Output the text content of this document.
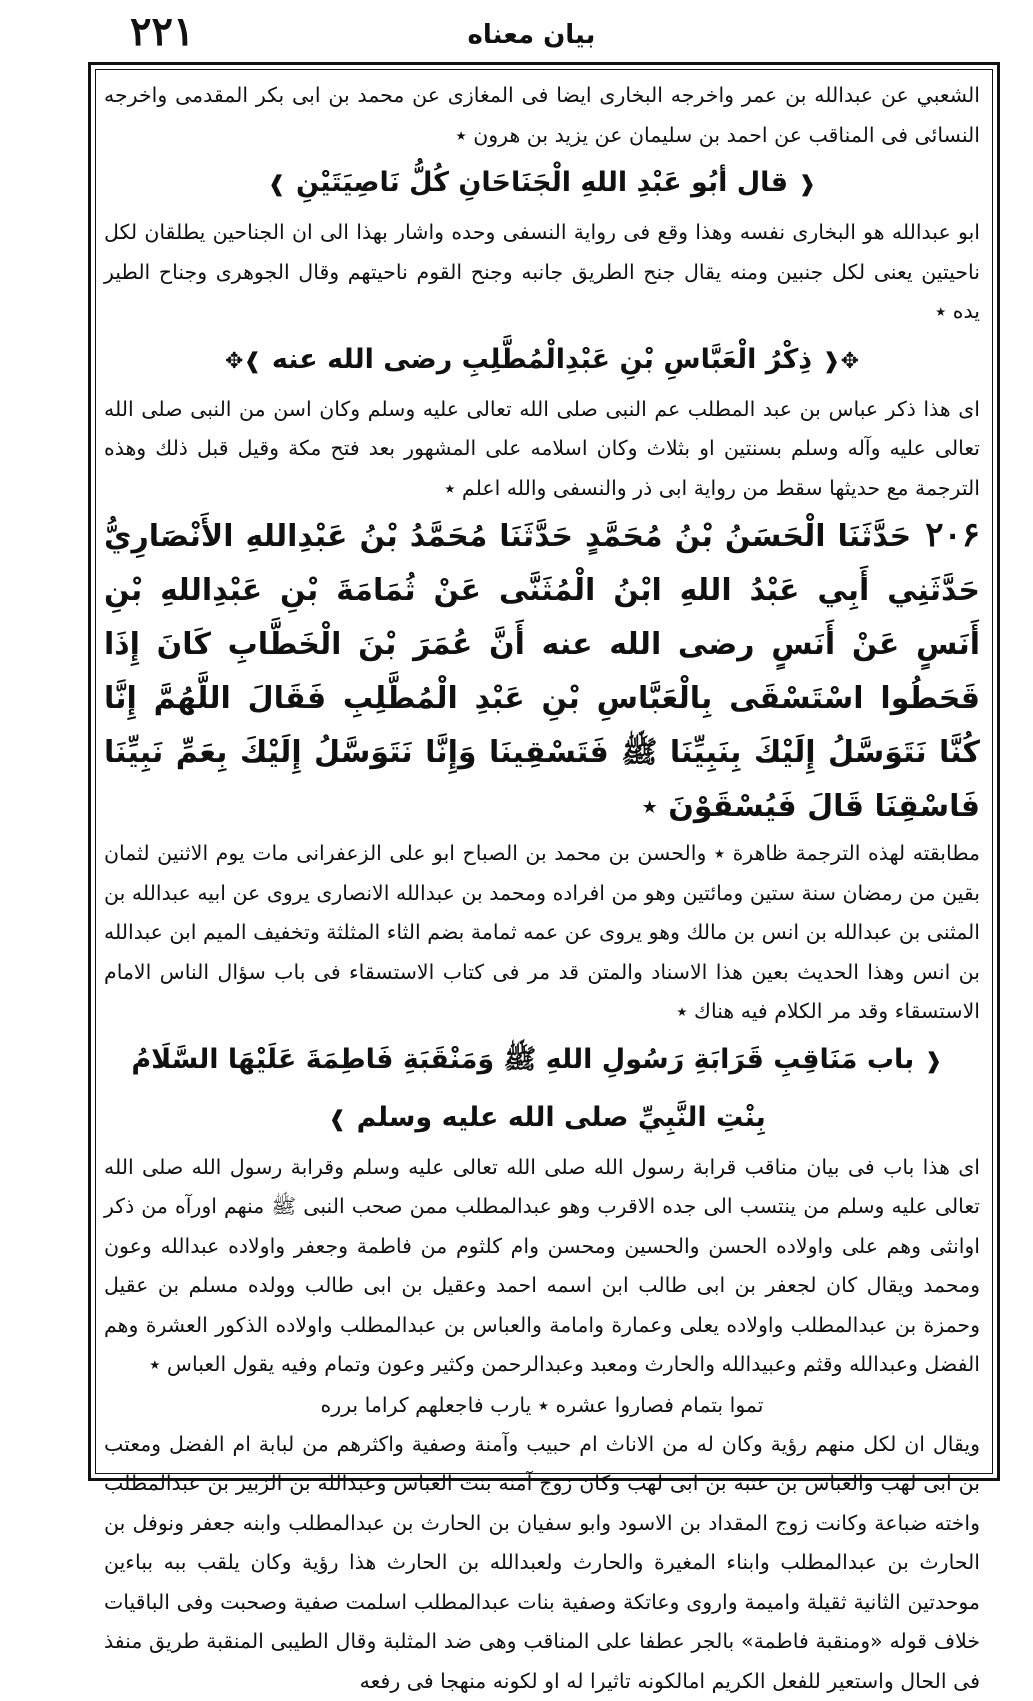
۲۲۱	بیان معناه

الشعبي عن عبدالله بن عمر واخرجه البخاری ایضا فی المغازی عن محمد بن ابی بکر المقدمی واخرجه النسائی فی المناقب عن احمد بن سلیمان عن یزید بن هرون ٭

❰قال أبُو عَبْدِ اللهِ الْجَنَاحَانِ كُلُّ نَاصِيَتَيْنِ❱

ابو عبدالله هو البخاری نفسه وهذا وقع فی روایة النسفی وحده واشار بهذا الی ان الجناحین یطلقان لکل ناحیتین یعنی لکل جنبین ومنه یقال جنح الطریق جانبه وجنح القوم ناحیتهم وقال الجوهری وجناح الطیر یده ٭

✥❰ذِكْرُ الْعَبَّاسِ بْنِ عَبْدِالْمُطَّلِبِ رضی الله عنه❱✥

ای هذا ذکر عباس بن عبد المطلب عم النبی صلی الله تعالی علیه وسلم وکان اسن من النبی صلی الله تعالی علیه وآله وسلم بسنتین او بثلاث وکان اسلامه علی المشهور بعد فتح مکة وقیل قبل ذلك وهذه الترجمة مع حدیثها سقط من روایة ابی ذر والنسفی والله اعلم ٭

۲۰۶حَدَّثَنَا الْحَسَنُ بْنُ مُحَمَّدٍ حَدَّثَنَا مُحَمَّدُ بْنُ عَبْدِاللهِ الأَنْصَارِيُّ حَدَّثَنِي أَبِي عَبْدُ اللهِ ابْنُ الْمُثَنَّى عَنْ ثُمَامَةَ بْنِ عَبْدِاللهِ بْنِ أَنَسٍ عَنْ أَنَسٍ رضی الله عنه أَنَّ عُمَرَ بْنَ الْخَطَّابِ كَانَ إِذَا قَحَطُوا اسْتَسْقَى بِالْعَبَّاسِ بْنِ عَبْدِ الْمُطَّلِبِ فَقَالَ اللَّهُمَّ إِنَّا كُنَّا نَتَوَسَّلُ إِلَيْكَ بِنَبِيِّنَا ﷺ فَتَسْقِينَا وَإِنَّا نَتَوَسَّلُ إِلَيْكَ بِعَمِّ نَبِيِّنَا فَاسْقِنَا قَالَ فَيُسْقَوْنَ ٭

مطابقته لهذه الترجمة ظاهرة ٭ والحسن بن محمد بن الصباح ابو علی الزعفرانی مات یوم الاثنین لثمان بقین من رمضان سنة ستین ومائتین وهو من افراده ومحمد بن عبدالله الانصاری یروی عن ابیه عبدالله بن المثنی بن عبدالله بن انس بن مالك وهو یروی عن عمه ثمامة بضم الثاء المثلثة وتخفیف المیم ابن عبدالله بن انس وهذا الحدیث بعین هذا الاسناد والمتن قد مر فی کتاب الاستسقاء فی باب سؤال الناس الامام الاستسقاء وقد مر الکلام فیه هناك ٭

❰باب مَنَاقِبِ قَرَابَةِ رَسُولِ اللهِ ﷺ وَمَنْقَبَةِ فَاطِمَةَ عَلَيْهَا السَّلَامُ بِنْتِ النَّبِيِّ صلی الله علیه وسلم❱

ای هذا باب فی بیان مناقب قرابة رسول الله صلی الله تعالی علیه وسلم وقرابة رسول الله صلی الله تعالی علیه وسلم من ینتسب الی جده الاقرب وهو عبدالمطلب ممن صحب النبی ﷺ منهم اورآه من ذکر اوانثی وهم علی واولاده الحسن والحسین ومحسن وام کلثوم من فاطمة وجعفر واولاده عبدالله وعون ومحمد ویقال کان لجعفر بن ابی طالب ابن اسمه احمد وعقیل بن ابی طالب وولده مسلم بن عقیل وحمزة بن عبدالمطلب واولاده یعلی وعمارة وامامة والعباس بن عبدالمطلب واولاده الذکور العشرة وهم الفضل وعبدالله وقثم وعبیدالله والحارث ومعبد وعبدالرحمن وکثیر وعون وتمام وفیه یقول العباس ٭

تموا بتمام فصاروا عشره ٭ یارب فاجعلهم کراما برره

ویقال ان لکل منهم رؤیة وکان له من الاناث ام حبیب وآمنة وصفیة واکثرهم من لبابة ام الفضل ومعتب بن ابی لهب والعباس بن عتبة بن ابی لهب وکان زوج آمنة بنت العباس وعبدالله بن الزبیر بن عبدالمطلب واخته ضباعة وکانت زوج المقداد بن الاسود وابو سفیان بن الحارث بن عبدالمطلب وابنه جعفر ونوفل بن الحارث بن عبدالمطلب وابناء المغیرة والحارث ولعبدالله بن الحارث هذا رؤیة وکان یلقب ببه بباءین موحدتین الثانیة ثقیلة وامیمة واروی وعاتکة وصفیة بنات عبدالمطلب اسلمت صفیة وصحبت وفی الباقیات خلاف قوله «ومنقبة فاطمة» بالجر عطفا علی المناقب وهی ضد المثلبة وقال الطیبی المنقبة طریق منفذ فی الحال واستعیر للفعل الکریم امالکونه تاثیرا له او لکونه منهجا فی رفعه
